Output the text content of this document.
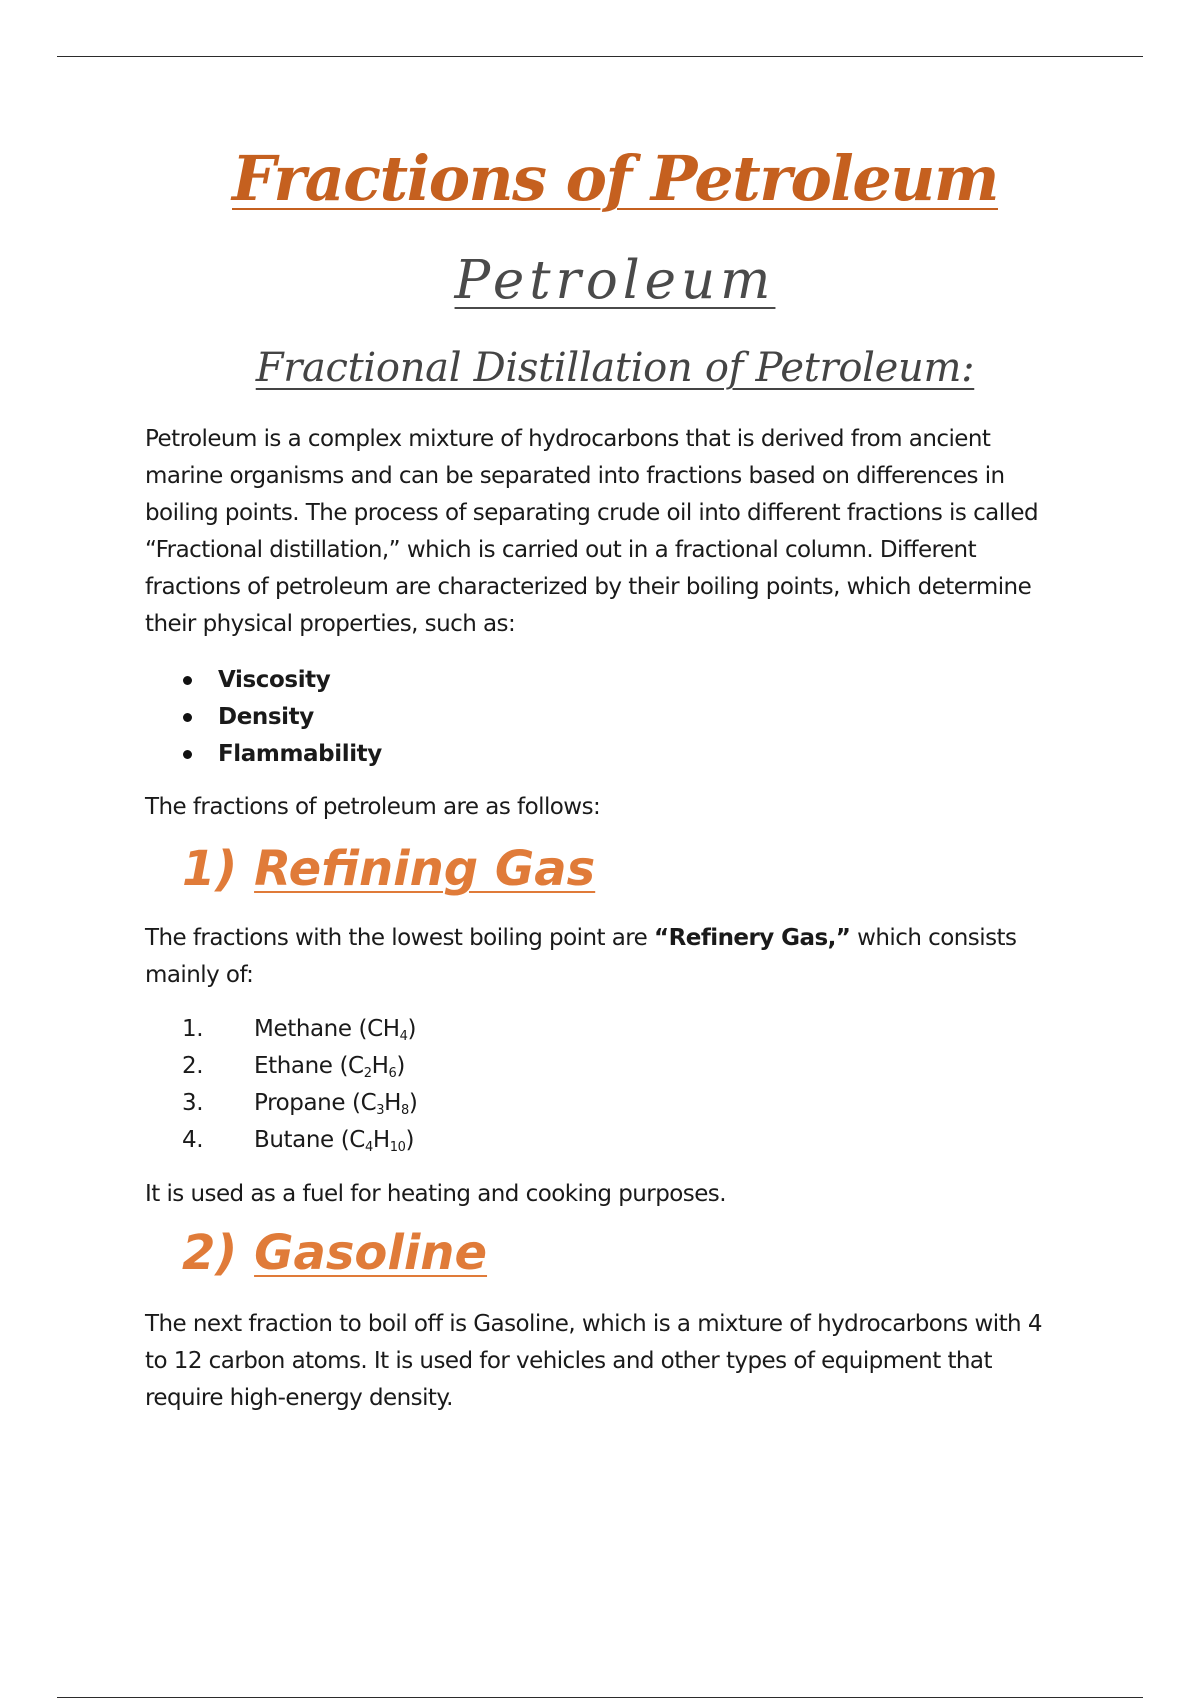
Fractions of Petroleum
Petroleum
Fractional Distillation of Petroleum:
Petroleum is a complex mixture of hydrocarbons that is derived from ancient
marine organisms and can be separated into fractions based on differences in
boiling points. The process of separating crude oil into different fractions is called
“Fractional distillation,” which is carried out in a fractional column. Different
fractions of petroleum are characterized by their boiling points, which determine
their physical properties, such as:
Viscosity
Density
Flammability
The fractions of petroleum are as follows:
1) Refining Gas
The fractions with the lowest boiling point are “Refinery Gas,” which consists
mainly of:
1. Methane $(CH_4)$
2. Ethane $(C_2H_6)$
3. Propane $(C_3H_8)$
4. Butane $(C_4H_{10})$
It is used as a fuel for heating and cooking purposes.
2) Gasoline
The next fraction to boil off is Gasoline, which is a mixture of hydrocarbons with 4
to 12 carbon atoms. It is used for vehicles and other types of equipment that
require high-energy density.
